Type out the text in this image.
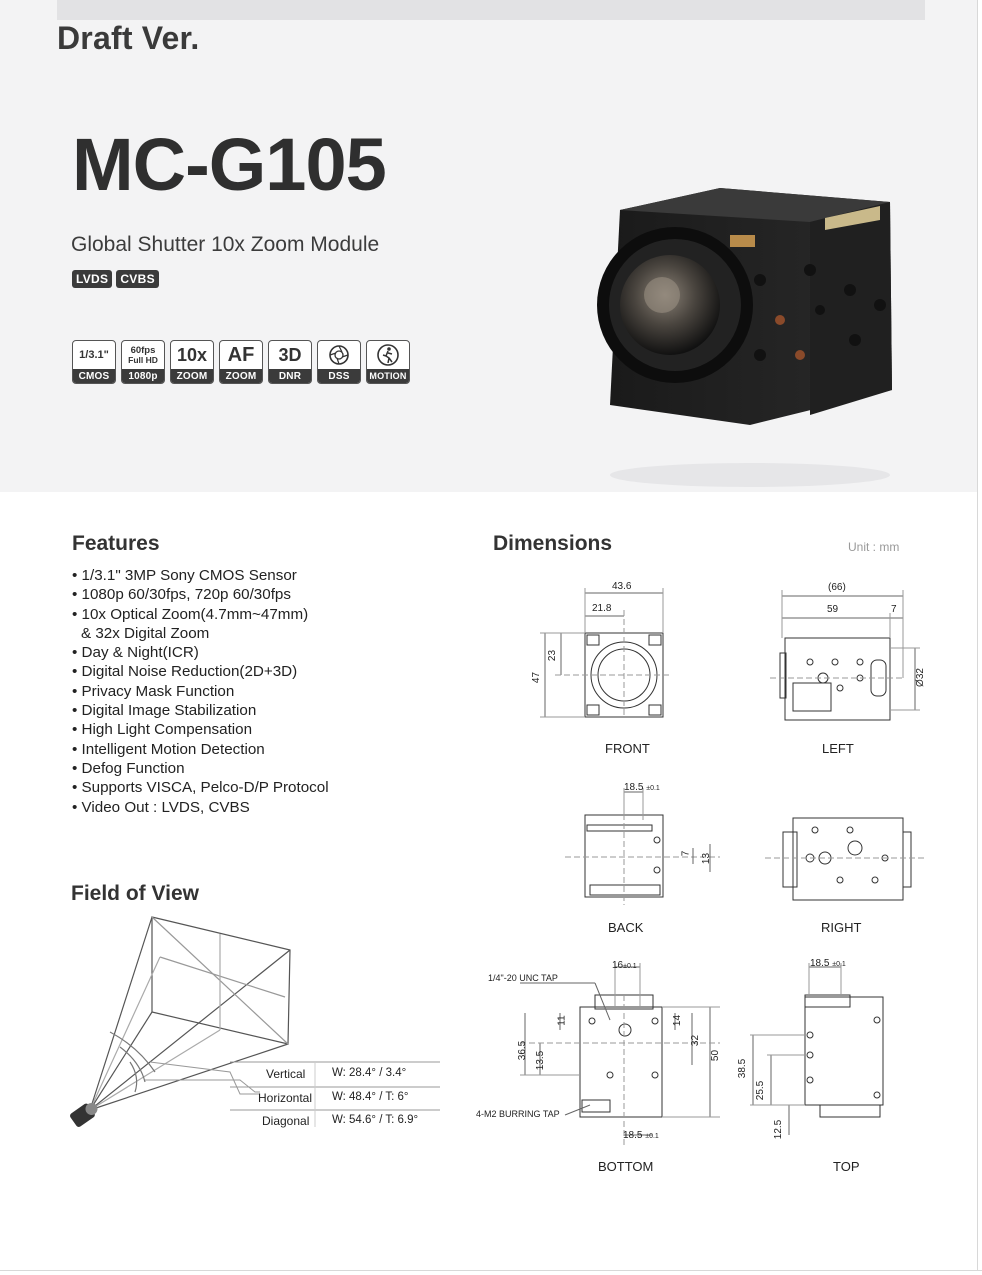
Draft Ver.
MC-G105
Global Shutter 10x Zoom Module
LVDS	CVBS
1/3.1"
CMOS
60fps
Full HD
1080p
10x
ZOOM
AF
ZOOM
3D
DNR	DSS	MOTION
Features
• 1/3.1" 3MP Sony CMOS Sensor
• 1080p 60/30fps, 720p 60/30fps
• 10x Optical Zoom(4.7mm~47mm)
& 32x Digital Zoom
• Day & Night(ICR)
• Digital Noise Reduction(2D+3D)
• Privacy Mask Function
• Digital Image Stabilization
• High Light Compensation
• Intelligent Motion Detection
• Defog Function
• Supports VISCA, Pelco-D/P Protocol
• Video Out : LVDS, CVBS
Field of View
Vertical W: 28.4° / 3.4°
Horizontal W: 48.4° / T: 6°
Diagonal W: 54.6° / T: 6.9°
Dimensions	Unit : mm
43.6
21.8
47
23
FRONT
(66)
59	7
Ø32
LEFT
18.5 ±0.1
7 13
BACK	RIGHT
1/4"-20 UNC TAP
4-M2 BURRING TAP
16±0.1
18.5 ±0.1
36.5
13.5
11	14
32
50
BOTTOM
18.5 ±0.1
38.5
25.5
12.5
TOP
